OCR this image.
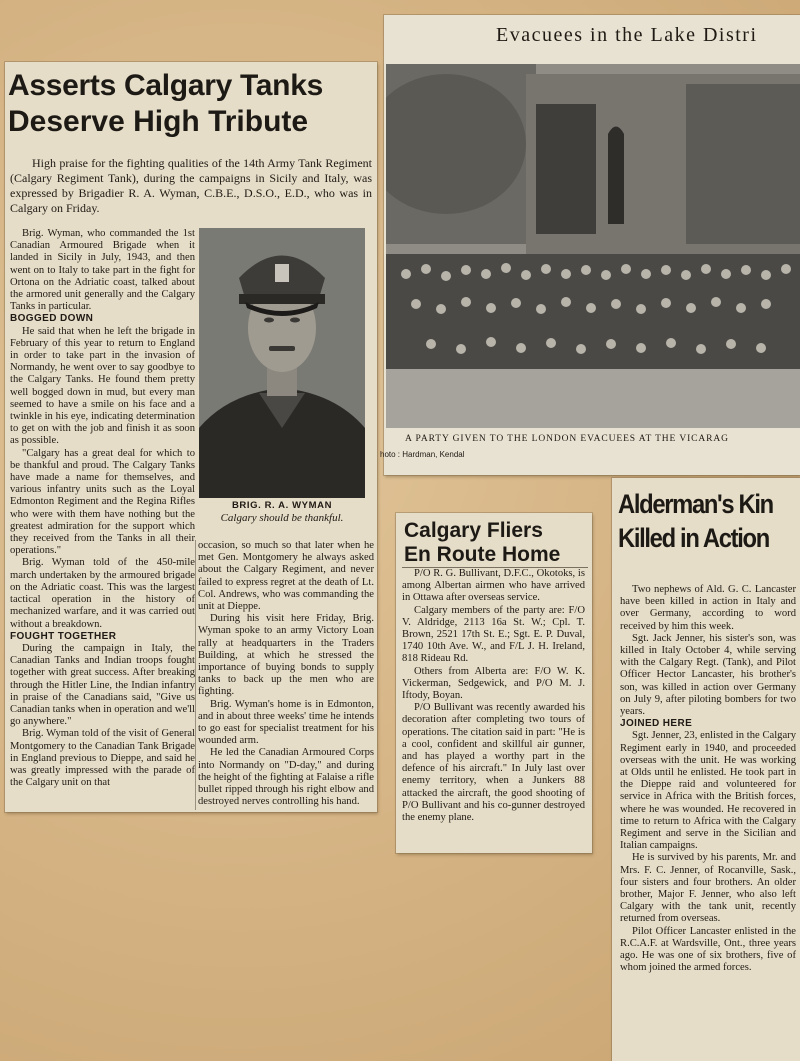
Asserts Calgary Tanks
Deserve High Tribute
High praise for the fighting qualities of the 14th Army Tank Regiment (Calgary Regiment Tank), during the campaigns in Sicily and Italy, was expressed by Brigadier R. A. Wyman, C.B.E., D.S.O., E.D., who was in Calgary on Friday.
BRIG. R. A. WYMAN
Calgary should be thankful.

Brig. Wyman, who commanded the 1st Canadian Armoured Brigade when it landed in Sicily in July, 1943, and then went on to Italy to take part in the fight for Ortona on the Adriatic coast, talked about the armored unit generally and the Calgary Tanks in particular.

BOGGED DOWN

He said that when he left the brigade in February of this year to return to England in order to take part in the invasion of Normandy, he went over to say goodbye to the Calgary Tanks. He found them pretty well bogged down in mud, but every man seemed to have a smile on his face and a twinkle in his eye, indicating determination to get on with the job and finish it as soon as possible.

"Calgary has a great deal for which to be thankful and proud. The Calgary Tanks have made a name for themselves, and various infantry units such as the Loyal Edmonton Regiment and the Regina Rifles who were with them have nothing but the greatest admiration for the support which they received from the Tanks in all their operations."

Brig. Wyman told of the 450-mile march undertaken by the armoured brigade on the Adriatic coast. This was the largest tactical operation in the history of mechanized warfare, and it was carried out without a breakdown.

FOUGHT TOGETHER

During the campaign in Italy, the Canadian Tanks and Indian troops fought together with great success. After breaking through the Hitler Line, the Indian infantry in praise of the Canadians said, "Give us Canadian tanks when in operation and we'll go anywhere."

Brig. Wyman told of the visit of General Montgomery to the Canadian Tank Brigade in England previous to Dieppe, and said he was greatly impressed with the parade of the Calgary unit on that

occasion, so much so that later when he met Gen. Montgomery he always asked about the Calgary Regiment, and never failed to express regret at the death of Lt. Col. Andrews, who was commanding the unit at Dieppe.

During his visit here Friday, Brig. Wyman spoke to an army Victory Loan rally at headquarters in the Traders Building, at which he stressed the importance of buying bonds to supply tanks to back up the men who are fighting.

Brig. Wyman's home is in Edmonton, and in about three weeks' time he intends to go east for specialist treatment for his wounded arm.

He led the Canadian Armoured Corps into Normandy on "D-day," and during the height of the fighting at Falaise a rifle bullet ripped through his right elbow and destroyed nerves controlling his hand.

Evacuees in the Lake Distri
A PARTY GIVEN TO THE LONDON EVACUEES AT THE VICARAG
hoto : Hardman, Kendal
Calgary Fliers
En Route Home

P/O R. G. Bullivant, D.F.C., Okotoks, is among Albertan airmen who have arrived in Ottawa after overseas service.

Calgary members of the party are: F/O V. Aldridge, 2113 16a St. W.; Cpl. T. Brown, 2521 17th St. E.; Sgt. E. P. Duval, 1740 10th Ave. W., and F/L J. H. Ireland, 818 Rideau Rd.

Others from Alberta are: F/O W. K. Vickerman, Sedgewick, and P/O M. J. Iftody, Boyan.

P/O Bullivant was recently awarded his decoration after completing two tours of operations. The citation said in part: "He is a cool, confident and skillful air gunner, and has played a worthy part in the defence of his aircraft." In July last over enemy territory, when a Junkers 88 attacked the aircraft, the good shooting of P/O Bullivant and his co-gunner destroyed the enemy plane.

Alderman's Kin
Killed in Action

Two nephews of Ald. G. C. Lancaster have been killed in action in Italy and over Germany, according to word received by him this week.

Sgt. Jack Jenner, his sister's son, was killed in Italy October 4, while serving with the Calgary Regt. (Tank), and Pilot Officer Hector Lancaster, his brother's son, was killed in action over Germany on July 9, after piloting bombers for two years.

JOINED HERE

Sgt. Jenner, 23, enlisted in the Calgary Regiment early in 1940, and proceeded overseas with the unit. He was working at Olds until he enlisted. He took part in the Dieppe raid and volunteered for service in Africa with the British forces, where he was wounded. He recovered in time to return to Africa with the Calgary Regiment and serve in the Sicilian and Italian campaigns.

He is survived by his parents, Mr. and Mrs. F. C. Jenner, of Rocanville, Sask., four sisters and four brothers. An older brother, Major F. Jenner, who also left Calgary with the tank unit, recently returned from overseas.

Pilot Officer Lancaster enlisted in the R.C.A.F. at Wardsville, Ont., three years ago. He was one of six brothers, five of whom joined the armed forces.
